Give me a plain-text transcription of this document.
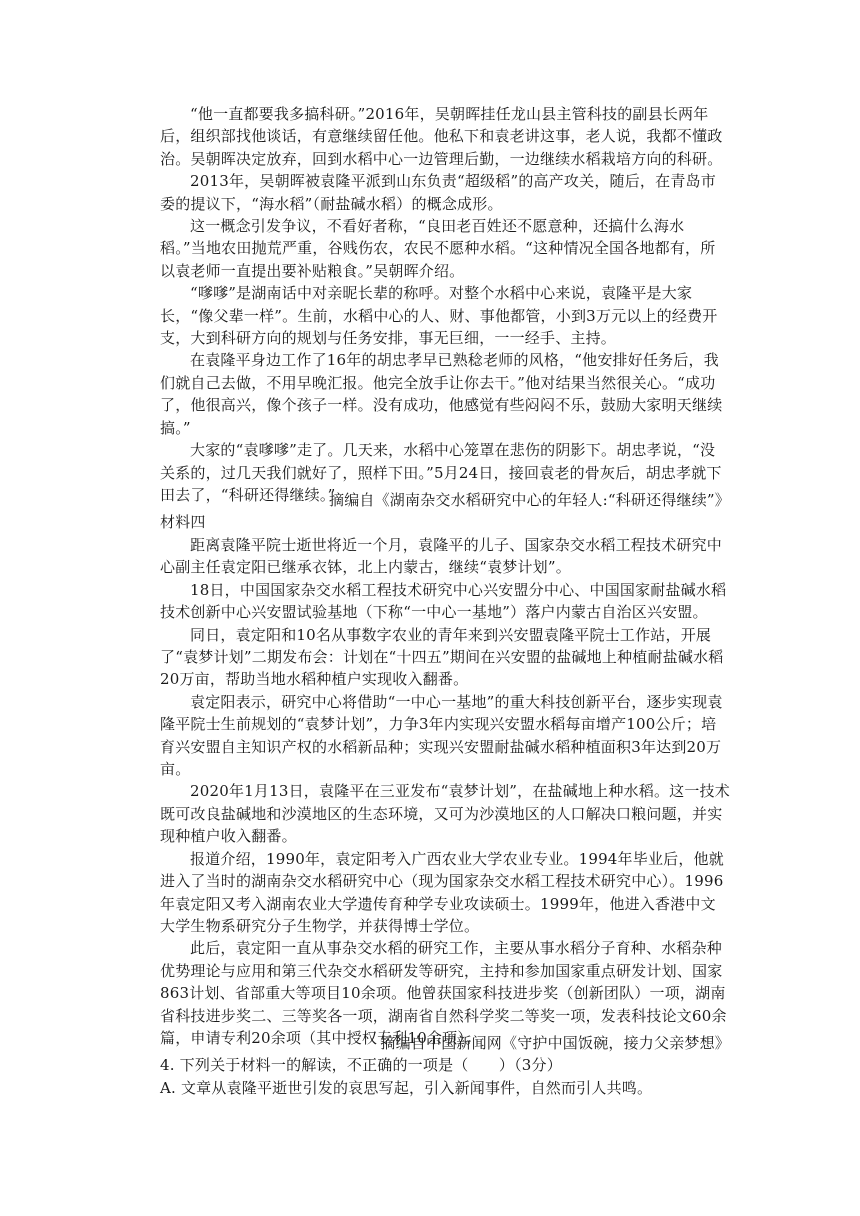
“他一直都要我多搞科研。”2016年，吴朝晖挂任龙山县主管科技的副县长两年后，组织部找他谈话，有意继续留任他。他私下和袁老讲这事，老人说，我都不懂政治。吴朝晖决定放弃，回到水稻中心一边管理后勤，一边继续水稻栽培方向的科研。

2013年，吴朝晖被袁隆平派到山东负责“超级稻”的高产攻关，随后，在青岛市委的提议下，“海水稻”（耐盐碱水稻）的概念成形。

这一概念引发争议，不看好者称，“良田老百姓还不愿意种，还搞什么海水稻。”当地农田抛荒严重，谷贱伤农，农民不愿种水稻。“这种情况全国各地都有，所以袁老师一直提出要补贴粮食。”吴朝晖介绍。

“嗲嗲”是湖南话中对亲昵长辈的称呼。对整个水稻中心来说，袁隆平是大家长，“像父辈一样”。生前，水稻中心的人、财、事他都管，小到3万元以上的经费开支，大到科研方向的规划与任务安排，事无巨细，一一经手、主持。

在袁隆平身边工作了16年的胡忠孝早已熟稔老师的风格，“他安排好任务后，我们就自己去做，不用早晚汇报。他完全放手让你去干。”他对结果当然很关心。“成功了，他很高兴，像个孩子一样。没有成功，他感觉有些闷闷不乐，鼓励大家明天继续搞。”

大家的“袁嗲嗲”走了。几天来，水稻中心笼罩在悲伤的阴影下。胡忠孝说，“没关系的，过几天我们就好了，照样下田。”5月24日，接回袁老的骨灰后，胡忠孝就下田去了，“科研还得继续。”

摘编自《湖南杂交水稻研究中心的年轻人:“科研还得继续”》

材料四

距离袁隆平院士逝世将近一个月，袁隆平的儿子、国家杂交水稻工程技术研究中心副主任袁定阳已继承衣钵，北上内蒙古，继续“袁梦计划”。

18日，中国国家杂交水稻工程技术研究中心兴安盟分中心、中国国家耐盐碱水稻技术创新中心兴安盟试验基地（下称“一中心一基地”）落户内蒙古自治区兴安盟。

同日，袁定阳和10名从事数字农业的青年来到兴安盟袁隆平院士工作站，开展了“袁梦计划”二期发布会：计划在“十四五”期间在兴安盟的盐碱地上种植耐盐碱水稻20万亩，帮助当地水稻种植户实现收入翻番。

袁定阳表示，研究中心将借助“一中心一基地”的重大科技创新平台，逐步实现袁隆平院士生前规划的“袁梦计划”，力争3年内实现兴安盟水稻每亩增产100公斤；培育兴安盟自主知识产权的水稻新品种；实现兴安盟耐盐碱水稻种植面积3年达到20万亩。

2020年1月13日，袁隆平在三亚发布“袁梦计划”，在盐碱地上种水稻。这一技术既可改良盐碱地和沙漠地区的生态环境，又可为沙漠地区的人口解决口粮问题，并实现种植户收入翻番。

报道介绍，1990年，袁定阳考入广西农业大学农业专业。1994年毕业后，他就进入了当时的湖南杂交水稻研究中心（现为国家杂交水稻工程技术研究中心）。1996年袁定阳又考入湖南农业大学遗传育种学专业攻读硕士。1999年，他进入香港中文大学生物系研究分子生物学，并获得博士学位。

此后，袁定阳一直从事杂交水稻的研究工作，主要从事水稻分子育种、水稻杂种优势理论与应用和第三代杂交水稻研发等研究，主持和参加国家重点研发计划、国家863计划、省部重大等项目10余项。他曾获国家科技进步奖（创新团队）一项，湖南省科技进步奖二、三等奖各一项，湖南省自然科学奖二等奖一项，发表科技论文60余篇，申请专利20余项（其中授权专利10余项）。

摘编自中国新闻网《守护中国饭碗，接力父亲梦想》

4. 下列关于材料一的解读，不正确的一项是（　　）（3分）

A. 文章从袁隆平逝世引发的哀思写起，引入新闻事件，自然而引人共鸣。
